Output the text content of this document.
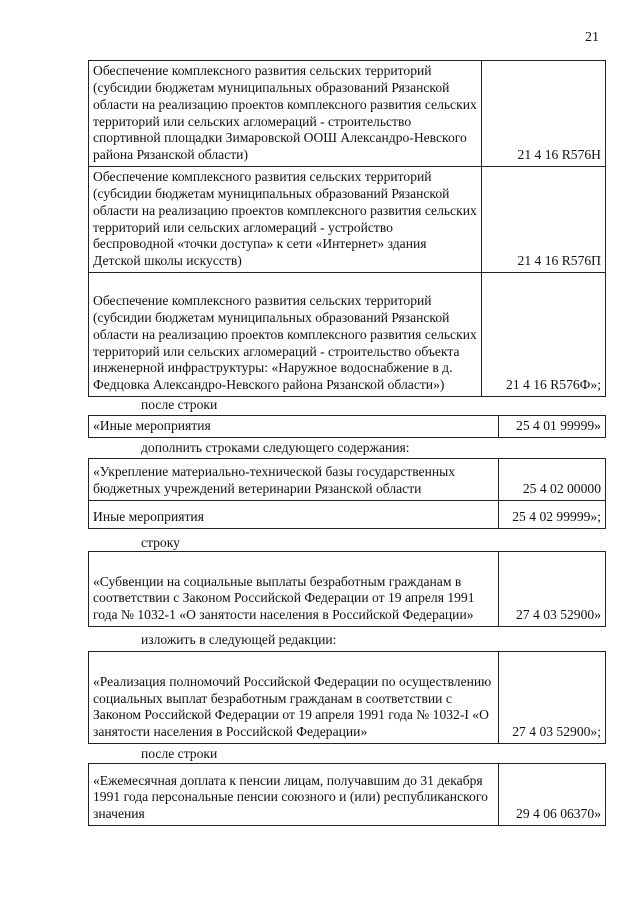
21
Обеспечение комплексного развития сельских территорий (субсидии бюджетам муниципальных образований Рязанской области на реализацию проектов комплексного развития сельских территорий или сельских агломераций - строительство спортивной площадки Зимаровской ООШ Александро-Невского района Рязанской области)	21 4 16 R576Н
Обеспечение комплексного развития сельских территорий (субсидии бюджетам муниципальных образований Рязанской области на реализацию проектов комплексного развития сельских территорий или сельских агломераций - устройство беспроводной «точки доступа» к сети «Интернет» здания Детской школы искусств)	21 4 16 R576П
Обеспечение комплексного развития сельских территорий (субсидии бюджетам муниципальных образований Рязанской области на реализацию проектов комплексного развития сельских территорий или сельских агломераций - строительство объекта инженерной инфраструктуры: «Наружное водоснабжение в д. Федцовка Александро-Невского района Рязанской области»)	21 4 16 R576Ф»;
после строки
«Иные мероприятия	25 4 01 99999»
дополнить строками следующего содержания:
«Укрепление материально-технической базы государственных бюджетных учреждений ветеринарии Рязанской области	25 4 02 00000
Иные мероприятия	25 4 02 99999»;
строку
«Субвенции на социальные выплаты безработным гражданам в соответствии с Законом Российской Федерации от 19 апреля 1991 года № 1032-1 «О занятости населения в Российской Федерации»	27 4 03 52900»
изложить в следующей редакции:
«Реализация полномочий Российской Федерации по осуществлению социальных выплат безработным гражданам в соответствии с Законом Российской Федерации от 19 апреля 1991 года № 1032-I «О занятости населения в Российской Федерации»	27 4 03 52900»;
после строки
«Ежемесячная доплата к пенсии лицам, получавшим до 31 декабря 1991 года персональные пенсии союзного и (или) республиканского значения	29 4 06 06370»
